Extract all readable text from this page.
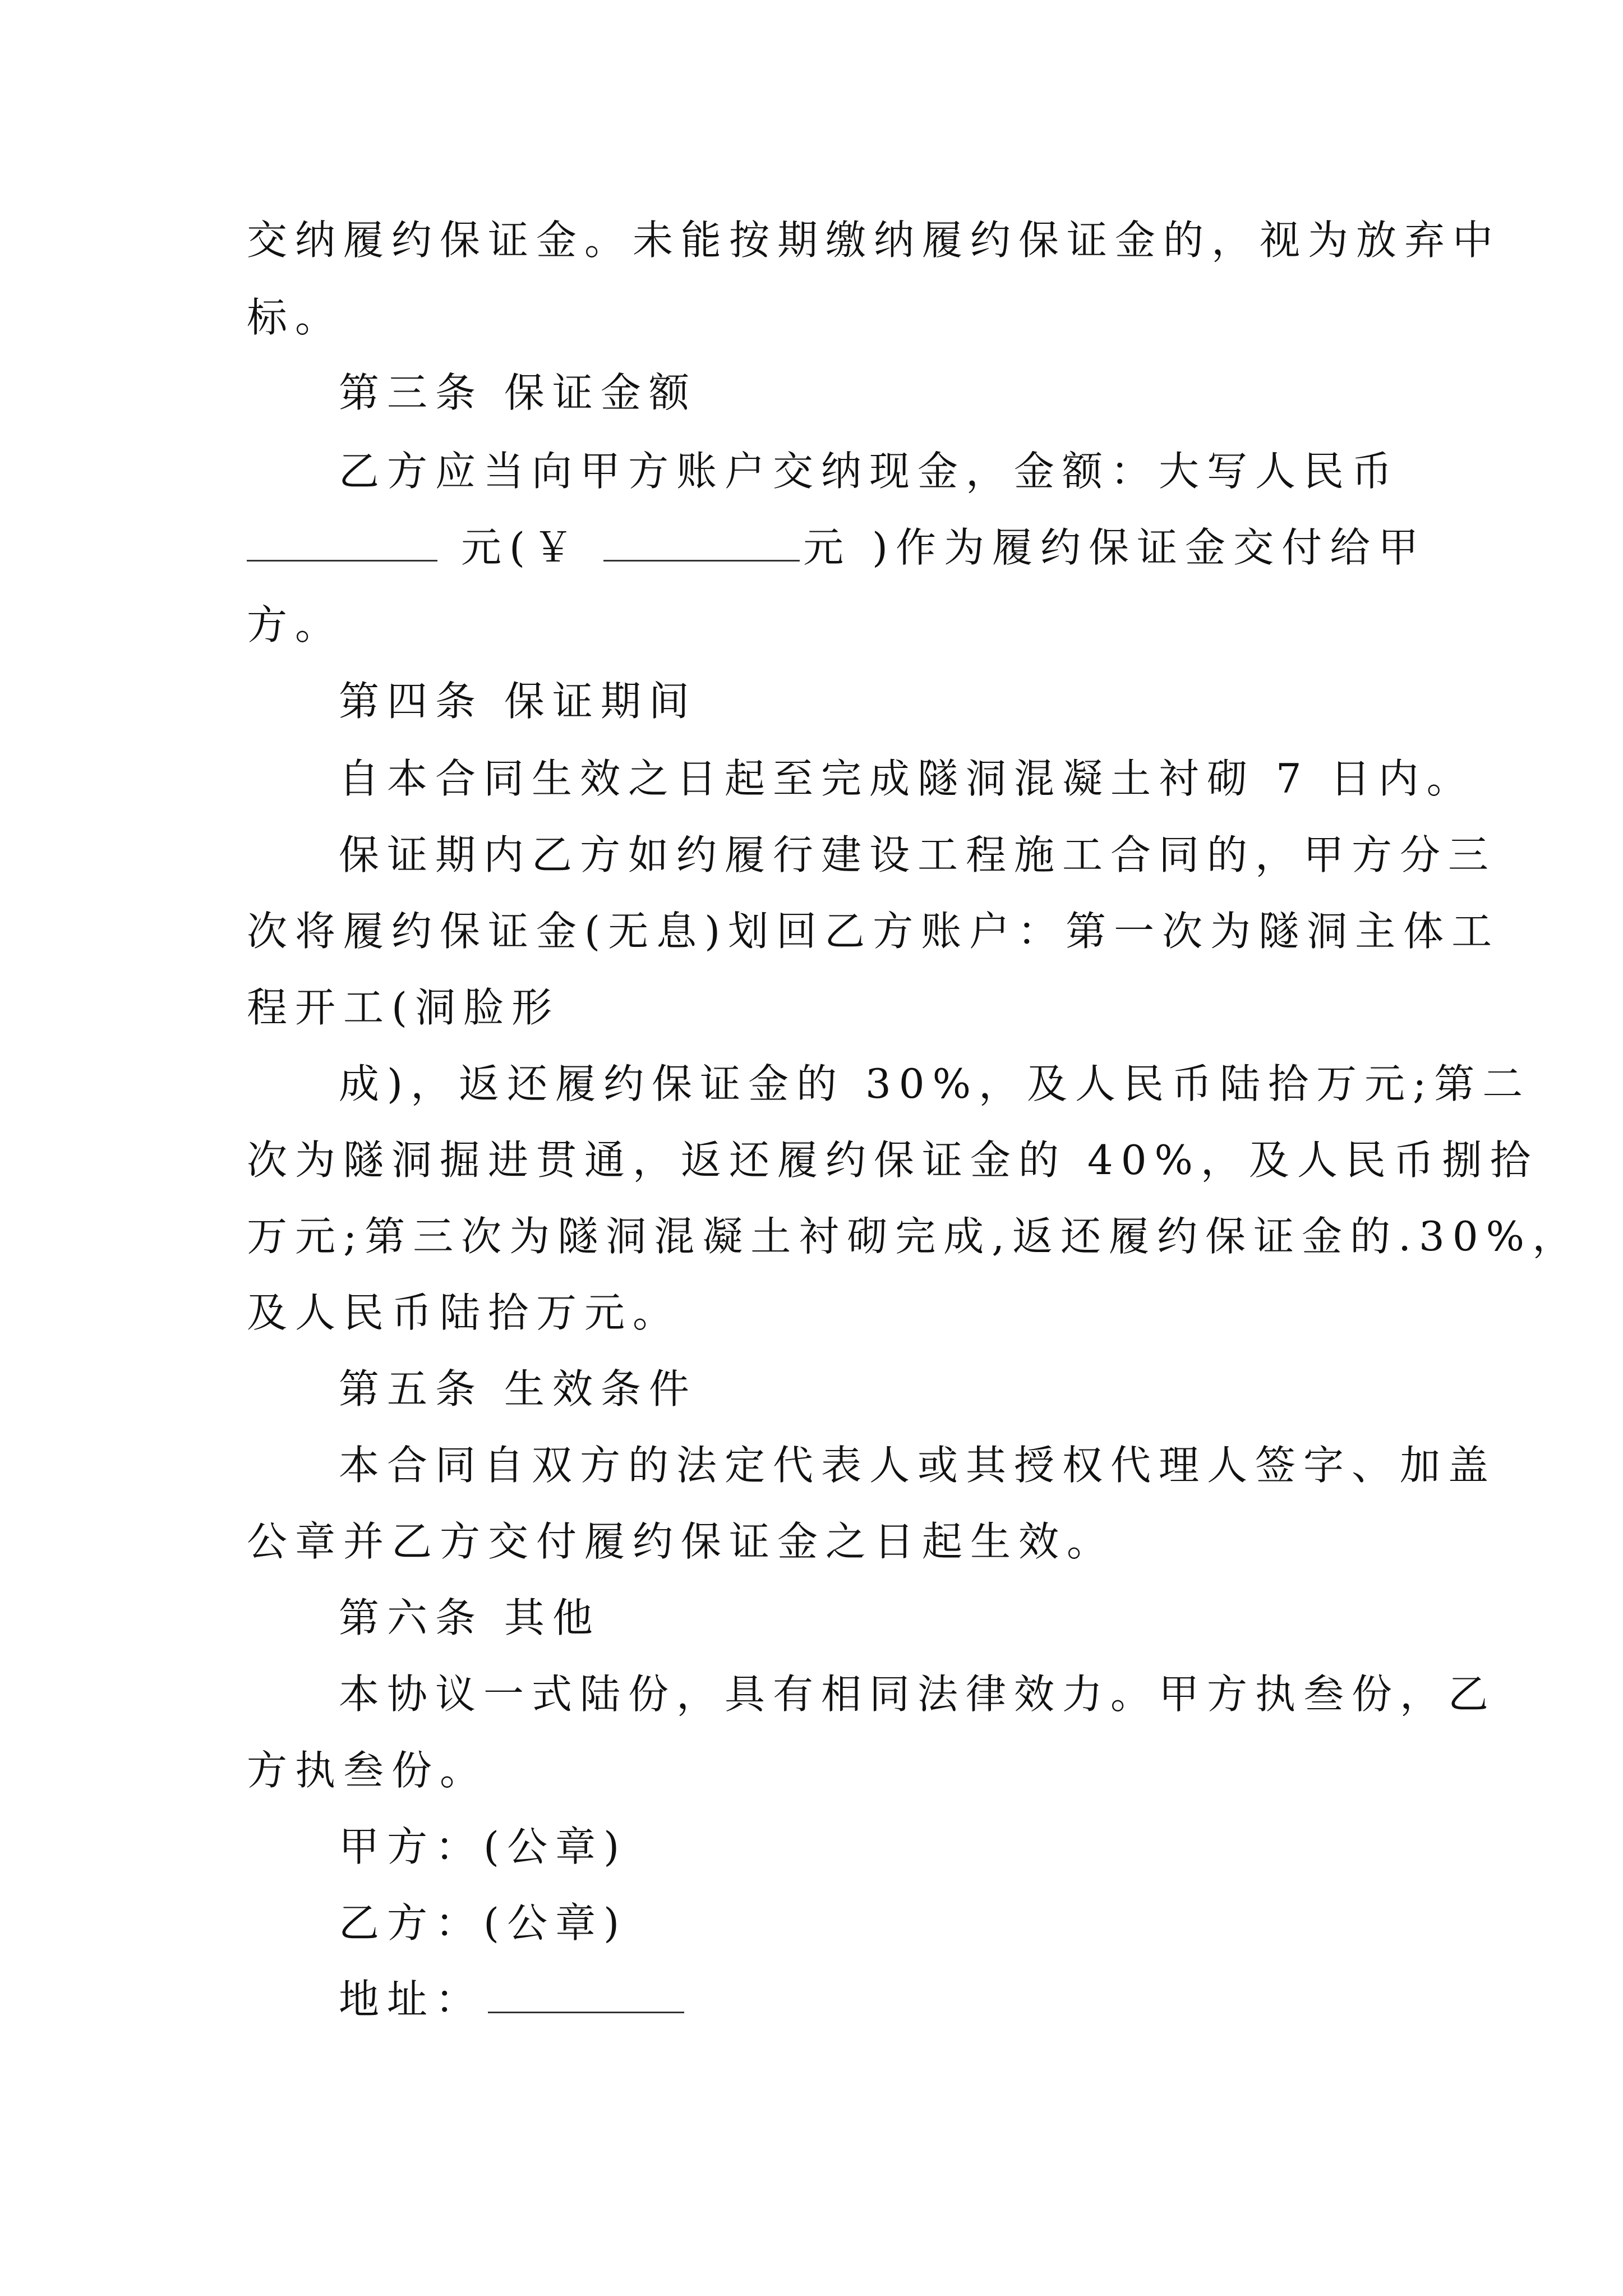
交纳履约保证金。未能按期缴纳履约保证金的，视为放弃中
标。
第三条 保证金额
乙方应当向甲方账户交纳现金，金额：大写人民币
元(￥	元 )作为履约保证金交付给甲
方。
第四条 保证期间
自本合同生效之日起至完成隧洞混凝土衬砌 7 日内。
保证期内乙方如约履行建设工程施工合同的，甲方分三
次将履约保证金(无息)划回乙方账户：第一次为隧洞主体工
程开工(洞脸形
成)，返还履约保证金的 30%，及人民币陆拾万元;第二
次为隧洞掘进贯通，返还履约保证金的 40%，及人民币捌拾
万元;第三次为隧洞混凝土衬砌完成,返还履约保证金的.30%，
及人民币陆拾万元。
第五条 生效条件
本合同自双方的法定代表人或其授权代理人签字、加盖
公章并乙方交付履约保证金之日起生效。
第六条 其他
本协议一式陆份，具有相同法律效力。甲方执叁份，乙
方执叁份。
甲方：(公章)
乙方：(公章)
地址：
